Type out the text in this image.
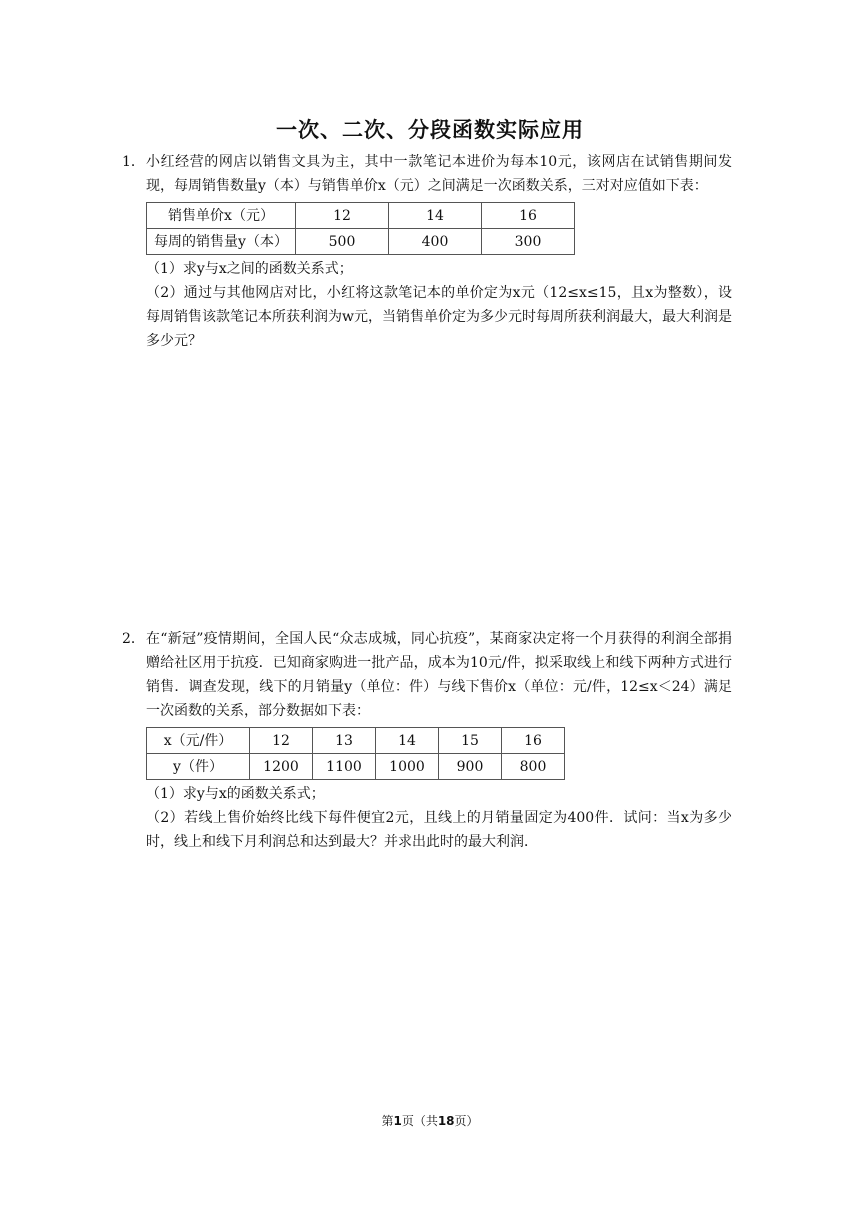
一次、二次、分段函数实际应用
1． 小红经营的网店以销售文具为主，其中一款笔记本进价为每本10元，该网店在试销售期间发现，每周销售数量y（本）与销售单价x（元）之间满足一次函数关系，三对对应值如下表：

销售单价x（元）	12	14	16
每周的销售量y（本）	500	400	300

（1）求y与x之间的函数关系式；

（2）通过与其他网店对比，小红将这款笔记本的单价定为x元（12≤x≤15，且x为整数），设每周销售该款笔记本所获利润为w元，当销售单价定为多少元时每周所获利润最大，最大利润是多少元？

2． 在“新冠”疫情期间，全国人民“众志成城，同心抗疫”，某商家决定将一个月获得的利润全部捐赠给社区用于抗疫．已知商家购进一批产品，成本为10元/件，拟采取线上和线下两种方式进行销售．调查发现，线下的月销量y（单位：件）与线下售价x（单位：元/件，12≤x＜24）满足一次函数的关系，部分数据如下表：

x（元/件）	12	13	14	15	16
y（件）	1200	1100	1000	900	800

（1）求y与x的函数关系式；

（2）若线上售价始终比线下每件便宜2元，且线上的月销量固定为400件．试问：当x为多少时，线上和线下月利润总和达到最大？并求出此时的最大利润．

第1页（共18页）
